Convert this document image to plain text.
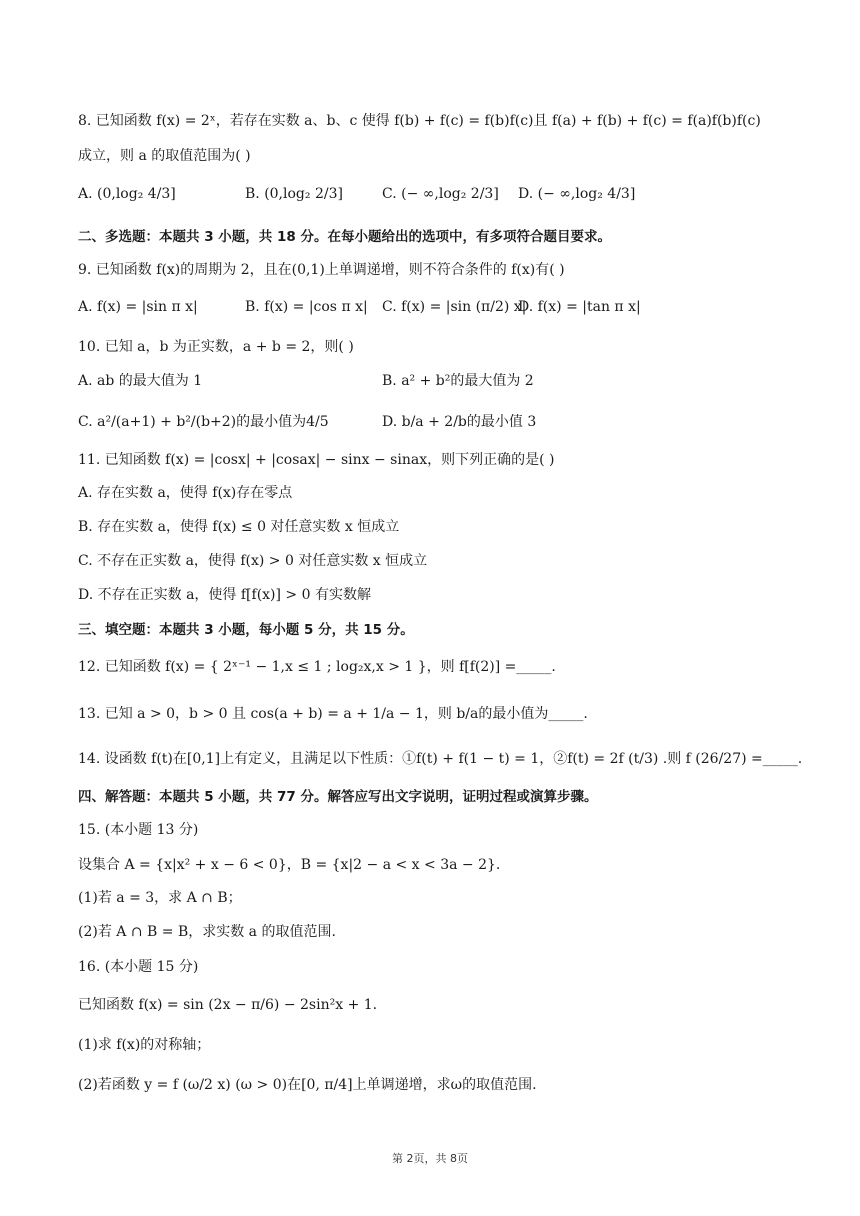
8. 已知函数 f(x) = 2ˣ，若存在实数 a、b、c 使得 f(b) + f(c) = f(b)f(c)且 f(a) + f(b) + f(c) = f(a)f(b)f(c)
成立，则 a 的取值范围为( )
A. (0,log₂ 4/3]	B. (0,log₂ 2/3]	C. (− ∞,log₂ 2/3] D. (− ∞,log₂ 4/3]
二、多选题：本题共 3 小题，共 18 分。在每小题给出的选项中，有多项符合题目要求。
9. 已知函数 f(x)的周期为 2，且在(0,1)上单调递增，则不符合条件的 f(x)有( )
A. f(x) = |sin π x|	B. f(x) = |cos π x| C. f(x) = |sin (π/2) x|
D. f(x) = |tan π x|
10. 已知 a，b 为正实数，a + b = 2，则( )
A. ab 的最大值为 1	B. a² + b²的最大值为 2
C. a²/(a+1) + b²/(b+2)的最小值为4/5	D. b/a + 2/b的最小值 3
11. 已知函数 f(x) = |cosx| + |cosax| − sinx − sinax，则下列正确的是( )
A. 存在实数 a，使得 f(x)存在零点
B. 存在实数 a，使得 f(x) ≤ 0 对任意实数 x 恒成立
C. 不存在正实数 a，使得 f(x) > 0 对任意实数 x 恒成立
D. 不存在正实数 a，使得 f[f(x)] > 0 有实数解
三、填空题：本题共 3 小题，每小题 5 分，共 15 分。
12. 已知函数 f(x) = { 2ˣ⁻¹ − 1,x ≤ 1 ; log₂x,x > 1 }，则 f[f(2)] =_____.
13. 已知 a > 0，b > 0 且 cos(a + b) = a + 1/a − 1，则 b/a的最小值为_____.
14. 设函数 f(t)在[0,1]上有定义，且满足以下性质：①f(t) + f(1 − t) = 1，②f(t) = 2f (t/3) .则 f (26/27) =_____.
四、解答题：本题共 5 小题，共 77 分。解答应写出文字说明，证明过程或演算步骤。
15. (本小题 13 分)
设集合 A = {x|x² + x − 6 < 0}，B = {x|2 − a < x < 3a − 2}.
(1)若 a = 3，求 A ∩ B；
(2)若 A ∩ B = B，求实数 a 的取值范围.
16. (本小题 15 分)
已知函数 f(x) = sin (2x − π/6) − 2sin²x + 1.
(1)求 f(x)的对称轴；
(2)若函数 y = f (ω/2 x) (ω > 0)在[0, π/4]上单调递增，求ω的取值范围.
第 2页，共 8页
